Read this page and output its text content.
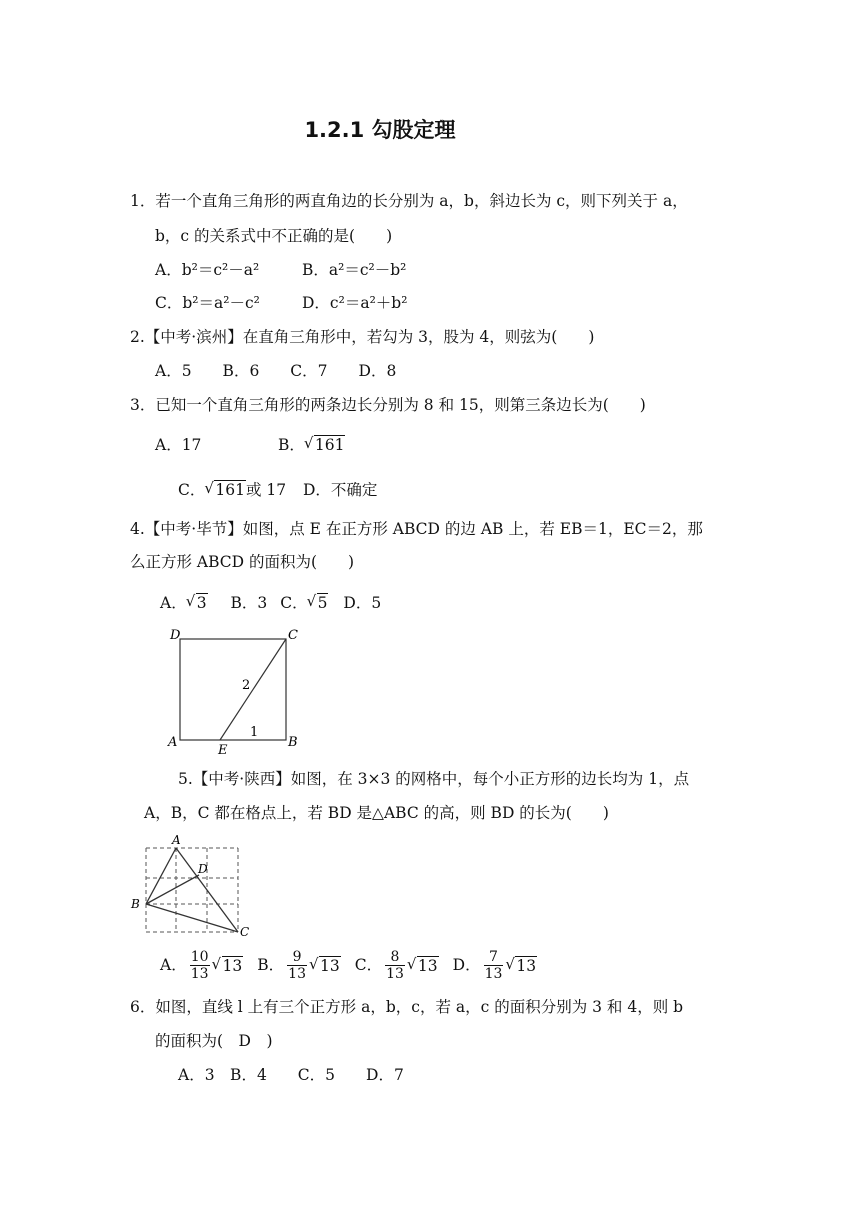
1.2.1 勾股定理
1．若一个直角三角形的两直角边的长分别为 a，b，斜边长为 c，则下列关于 a，
b，c 的关系式中不正确的是(　　)
A．b²＝c²－a²	B．a²＝c²－b²
C．b²＝a²－c²	D．c²＝a²＋b²
2.【中考·滨州】在直角三角形中，若勾为 3，股为 4，则弦为(　　)
A．5　　B．6　　C．7　　D．8
3．已知一个直角三角形的两条边长分别为 8 和 15，则第三条边长为(　　)
A．17	B． √ 161
C． √ 161或 17 D．不确定
4.【中考·毕节】如图，点 E 在正方形 ABCD 的边 AB 上，若 EB＝1，EC＝2，那
么正方形 ABCD 的面积为(　　)
A． √ 3 B．3 C． √ 5 D．5
D	C
A
E
B
2
1
5.【中考·陕西】如图，在 3×3 的网格中，每个小正方形的边长均为 1，点
A，B，C 都在格点上，若 BD 是△ABC 的高，则 BD 的长为(　　)
A
D
B
C
A． $\frac{10}{13}$ √ 13 B． $\frac{9}{13}$ √ 13 C． $\frac{8}{13}$ √ 13 D． $\frac{7}{13}$ √ 13
6．如图，直线 l 上有三个正方形 a，b，c，若 a，c 的面积分别为 3 和 4，则 b
的面积为(　D　)
A．3　B．4　　C．5　　D．7
